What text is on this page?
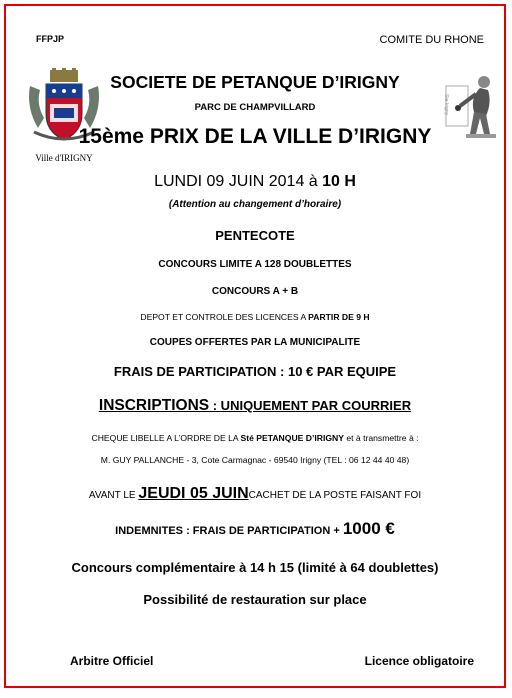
FFPJP	COMITE DU RHONE
Ville d'IRIGNY
Ste Irigny
SOCIETE DE PETANQUE D’IRIGNY
PARC DE CHAMPVILLARD
15ème PRIX DE LA VILLE D’IRIGNY
LUNDI 09 JUIN 2014 à 10 H
(Attention au changement d’horaire)
PENTECOTE
CONCOURS LIMITE A 128 DOUBLETTES
CONCOURS A + B
DEPOT ET CONTROLE DES LICENCES A PARTIR DE 9 H
COUPES OFFERTES PAR LA MUNICIPALITE
FRAIS DE PARTICIPATION : 10 € PAR EQUIPE
INSCRIPTIONS : UNIQUEMENT PAR COURRIER
CHEQUE LIBELLE A L’ORDRE DE LA Sté PETANQUE D’IRIGNY et à transmettre à :
M. GUY PALLANCHE - 3, Cote Carmagnac - 69540 Irigny (TEL : 06 12 44 40 48)
AVANT LE JEUDI 05 JUINCACHET DE LA POSTE FAISANT FOI
INDEMNITES : FRAIS DE PARTICIPATION + 1000 €
Concours complémentaire à 14 h 15 (limité à 64 doublettes)
Possibilité de restauration sur place
Arbitre Officiel	Licence obligatoire
